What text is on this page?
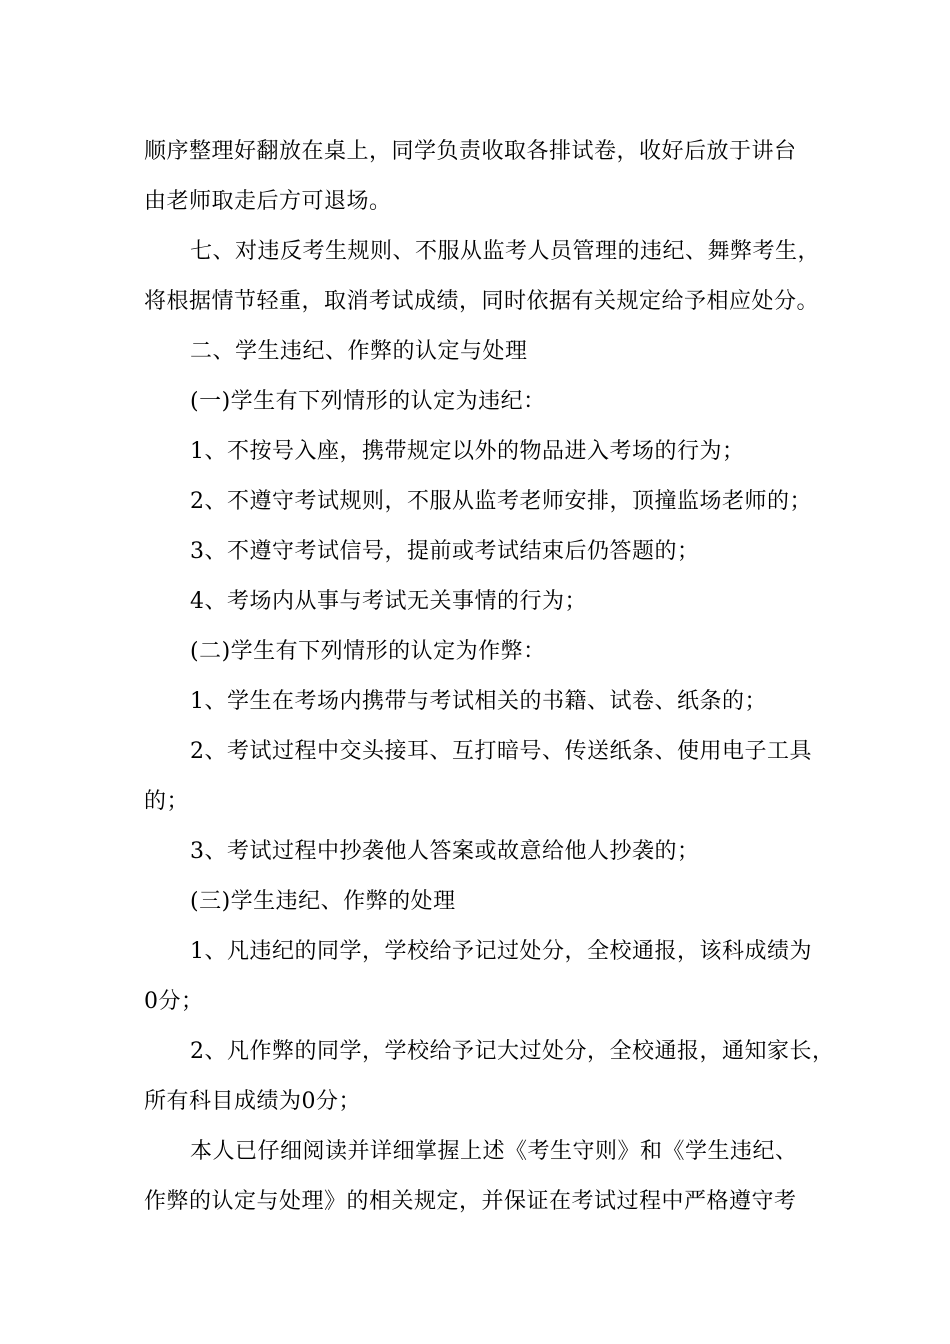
顺序整理好翻放在桌上，同学负责收取各排试卷，收好后放于讲台
由老师取走后方可退场。
七、对违反考生规则、不服从监考人员管理的违纪、舞弊考生，
将根据情节轻重，取消考试成绩，同时依据有关规定给予相应处分。
二、学生违纪、作弊的认定与处理
(一)学生有下列情形的认定为违纪：
1、不按号入座，携带规定以外的物品进入考场的行为；
2、不遵守考试规则，不服从监考老师安排，顶撞监场老师的；
3、不遵守考试信号，提前或考试结束后仍答题的；
4、考场内从事与考试无关事情的行为；
(二)学生有下列情形的认定为作弊：
1、学生在考场内携带与考试相关的书籍、试卷、纸条的；
2、考试过程中交头接耳、互打暗号、传送纸条、使用电子工具
的；
3、考试过程中抄袭他人答案或故意给他人抄袭的；
(三)学生违纪、作弊的处理
1、凡违纪的同学，学校给予记过处分，全校通报，该科成绩为
0分；
2、凡作弊的同学，学校给予记大过处分，全校通报，通知家长，
所有科目成绩为0分；
本人已仔细阅读并详细掌握上述《考生守则》和《学生违纪、
作弊的认定与处理》的相关规定，并保证在考试过程中严格遵守考
